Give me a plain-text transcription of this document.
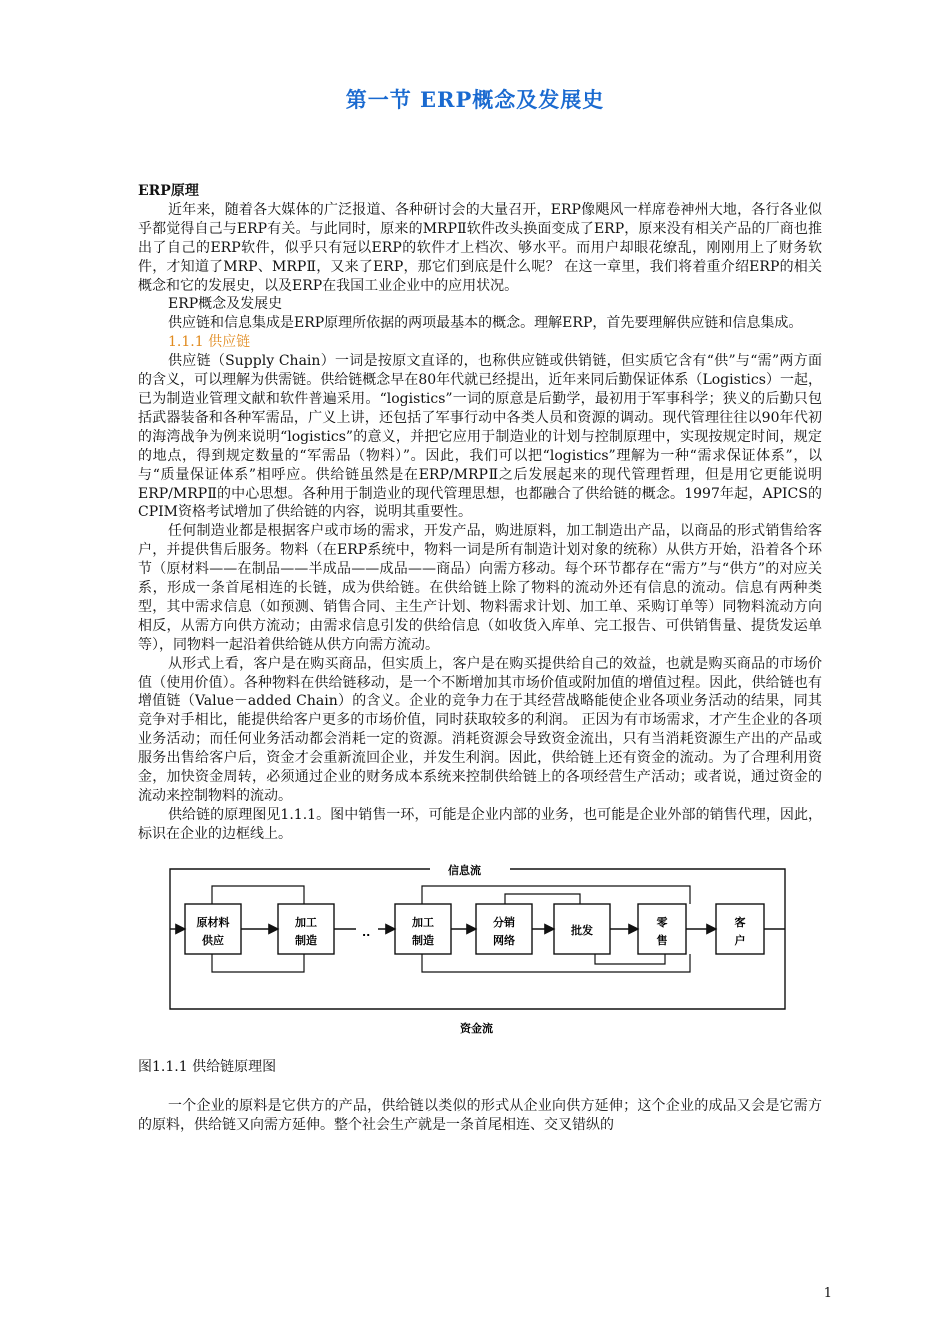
第一节 ERP概念及发展史

ERP原理

近年来，随着各大媒体的广泛报道、各种研讨会的大量召开，ERP像飓风一样席卷神州大地，各行各业似乎都觉得自己与ERP有关。与此同时，原来的MRPⅡ软件改头换面变成了ERP，原来没有相关产品的厂商也推出了自己的ERP软件，似乎只有冠以ERP的软件才上档次、够水平。而用户却眼花缭乱，刚刚用上了财务软件，才知道了MRP、MRPⅡ，又来了ERP，那它们到底是什么呢？ 在这一章里，我们将着重介绍ERP的相关概念和它的发展史，以及ERP在我国工业企业中的应用状况。

ERP概念及发展史

供应链和信息集成是ERP原理所依据的两项最基本的概念。理解ERP，首先要理解供应链和信息集成。

1.1.1 供应链

供应链（Supply Chain）一词是按原文直译的，也称供应链或供销链，但实质它含有“供”与“需”两方面的含义，可以理解为供需链。供给链概念早在80年代就已经提出，近年来同后勤保证体系（Logistics）一起，已为制造业管理文献和软件普遍采用。“logistics”一词的原意是后勤学，最初用于军事科学；狭义的后勤只包括武器装备和各种军需品，广义上讲，还包括了军事行动中各类人员和资源的调动。现代管理往往以90年代初的海湾战争为例来说明“logistics”的意义，并把它应用于制造业的计划与控制原理中，实现按规定时间，规定的地点，得到规定数量的“军需品（物料）”。因此，我们可以把“logistics”理解为一种“需求保证体系”，以与“质量保证体系”相呼应。供给链虽然是在ERP/MRPⅡ之后发展起来的现代管理哲理，但是用它更能说明ERP/MRPⅡ的中心思想。各种用于制造业的现代管理思想，也都融合了供给链的概念。1997年起，APICS的CPIM资格考试增加了供给链的内容，说明其重要性。

任何制造业都是根据客户或市场的需求，开发产品，购进原料，加工制造出产品，以商品的形式销售给客户，并提供售后服务。物料（在ERP系统中，物料一词是所有制造计划对象的统称）从供方开始，沿着各个环节（原材料——在制品——半成品——成品——商品）向需方移动。每个环节都存在“需方”与“供方”的对应关系，形成一条首尾相连的长链，成为供给链。在供给链上除了物料的流动外还有信息的流动。信息有两种类型，其中需求信息（如预测、销售合同、主生产计划、物料需求计划、加工单、采购订单等）同物料流动方向相反，从需方向供方流动；由需求信息引发的供给信息（如收货入库单、完工报告、可供销售量、提货发运单等），同物料一起沿着供给链从供方向需方流动。

从形式上看，客户是在购买商品，但实质上，客户是在购买提供给自己的效益，也就是购买商品的市场价值（使用价值）。各种物料在供给链移动，是一个不断增加其市场价值或附加值的增值过程。因此，供给链也有增值链（Value－added Chain）的含义。企业的竞争力在于其经营战略能使企业各项业务活动的结果，同其竞争对手相比，能提供给客户更多的市场价值，同时获取较多的利润。 正因为有市场需求，才产生企业的各项业务活动；而任何业务活动都会消耗一定的资源。消耗资源会导致资金流出，只有当消耗资源生产出的产品或服务出售给客户后，资金才会重新流回企业，并发生利润。因此，供给链上还有资金的流动。为了合理利用资金，加快资金周转，必须通过企业的财务成本系统来控制供给链上的各项经营生产活动；或者说，通过资金的流动来控制物料的流动。

供给链的原理图见1.1.1。图中销售一环，可能是企业内部的业务，也可能是企业外部的销售代理，因此，标识在企业的边框线上。

信息流
资金流
原材料
供应
加工
制造
..
加工
制造
分销
网络
批发
零
售
客
户

图1.1.1 供给链原理图

一个企业的原料是它供方的产品，供给链以类似的形式从企业向供方延伸；这个企业的成品又会是它需方的原料，供给链又向需方延伸。整个社会生产就是一条首尾相连、交叉错纵的

1
